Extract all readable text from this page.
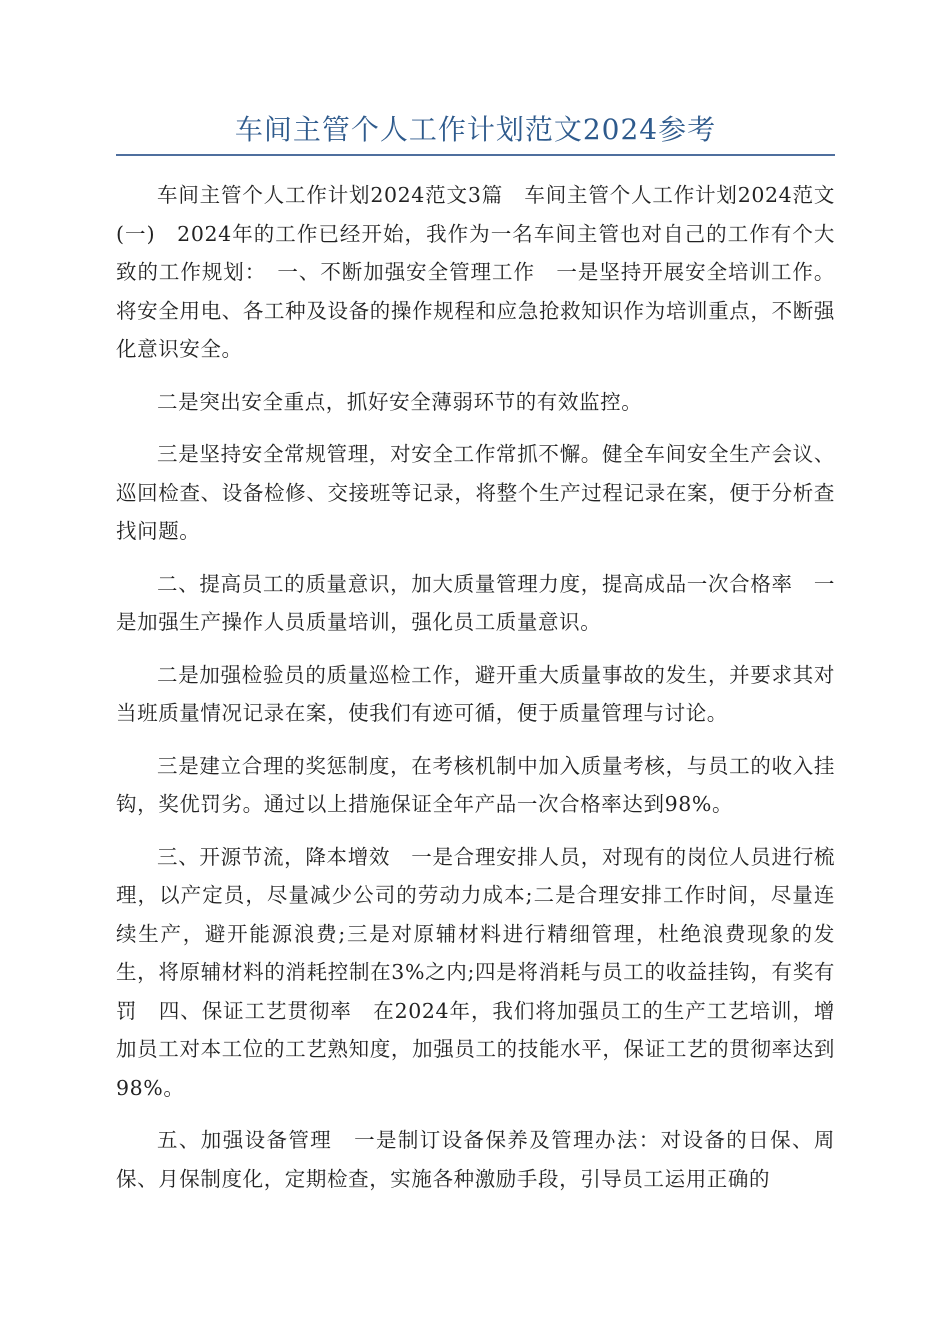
车间主管个人工作计划范文2024参考

车间主管个人工作计划2024范文3篇　车间主管个人工作计划2024范文(一)　2024年的工作已经开始，我作为一名车间主管也对自己的工作有个大致的工作规划：　一、不断加强安全管理工作　一是坚持开展安全培训工作。将安全用电、各工种及设备的操作规程和应急抢救知识作为培训重点，不断强化意识安全。

二是突出安全重点，抓好安全薄弱环节的有效监控。

三是坚持安全常规管理，对安全工作常抓不懈。健全车间安全生产会议、巡回检查、设备检修、交接班等记录，将整个生产过程记录在案，便于分析查找问题。

二、提高员工的质量意识，加大质量管理力度，提高成品一次合格率　一是加强生产操作人员质量培训，强化员工质量意识。

二是加强检验员的质量巡检工作，避开重大质量事故的发生，并要求其对当班质量情况记录在案，使我们有迹可循，便于质量管理与讨论。

三是建立合理的奖惩制度，在考核机制中加入质量考核，与员工的收入挂钩，奖优罚劣。通过以上措施保证全年产品一次合格率达到98%。

三、开源节流，降本增效　一是合理安排人员，对现有的岗位人员进行梳理，以产定员，尽量减少公司的劳动力成本;二是合理安排工作时间，尽量连续生产，避开能源浪费;三是对原辅材料进行精细管理，杜绝浪费现象的发生，将原辅材料的消耗控制在3%之内;四是将消耗与员工的收益挂钩，有奖有罚　四、保证工艺贯彻率　在2024年，我们将加强员工的生产工艺培训，增加员工对本工位的工艺熟知度，加强员工的技能水平，保证工艺的贯彻率达到98%。

五、加强设备管理　一是制订设备保养及管理办法：对设备的日保、周保、月保制度化，定期检查，实施各种激励手段，引导员工运用正确的
